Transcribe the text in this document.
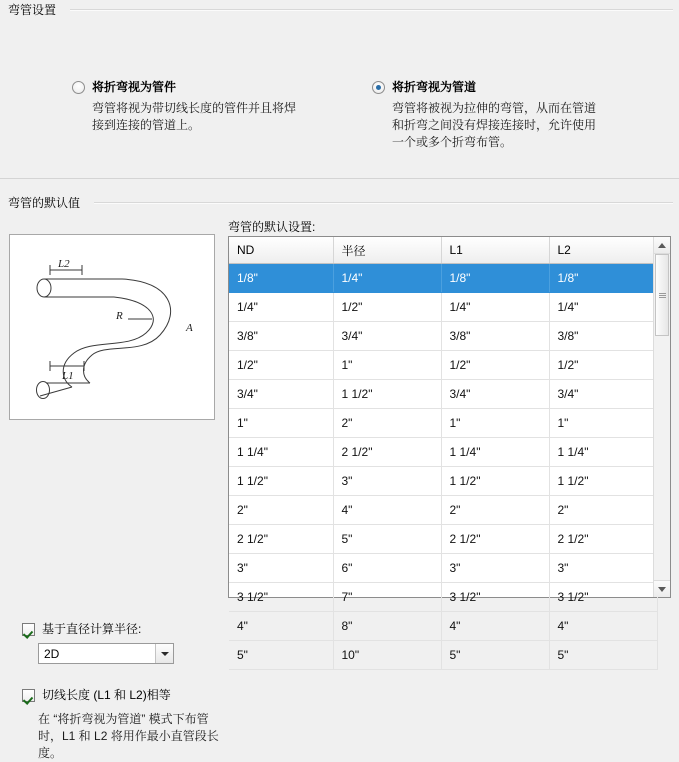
弯管设置
将折弯视为管件
弯管将视为带切线长度的管件并且将焊接到连接的管道上。
将折弯视为管道
弯管将被视为拉伸的弯管，从而在管道和折弯之间没有焊接连接时，允许使用一个或多个折弯布管。
弯管的默认值
L2
R
A
L1
基于直径计算半径:
2D
切线长度 (L1 和 L2)相等
在 “将折弯视为管道” 模式下布管时，L1 和 L2 将用作最小直管段长度。
弯管的默认设置:
ND	半径	L1	L2
1/8"	1/4"	1/8"	1/8"
1/4"	1/2"	1/4"	1/4"
3/8"	3/4"	3/8"	3/8"
1/2"	1"	1/2"	1/2"
3/4"	1 1/2"	3/4"	3/4"
1"	2"	1"	1"
1 1/4"	2 1/2"	1 1/4"	1 1/4"
1 1/2"	3"	1 1/2"	1 1/2"
2"	4"	2"	2"
2 1/2"	5"	2 1/2"	2 1/2"
3"	6"	3"	3"
3 1/2"	7"	3 1/2"	3 1/2"
4"	8"	4"	4"
5"	10"	5"	5"
